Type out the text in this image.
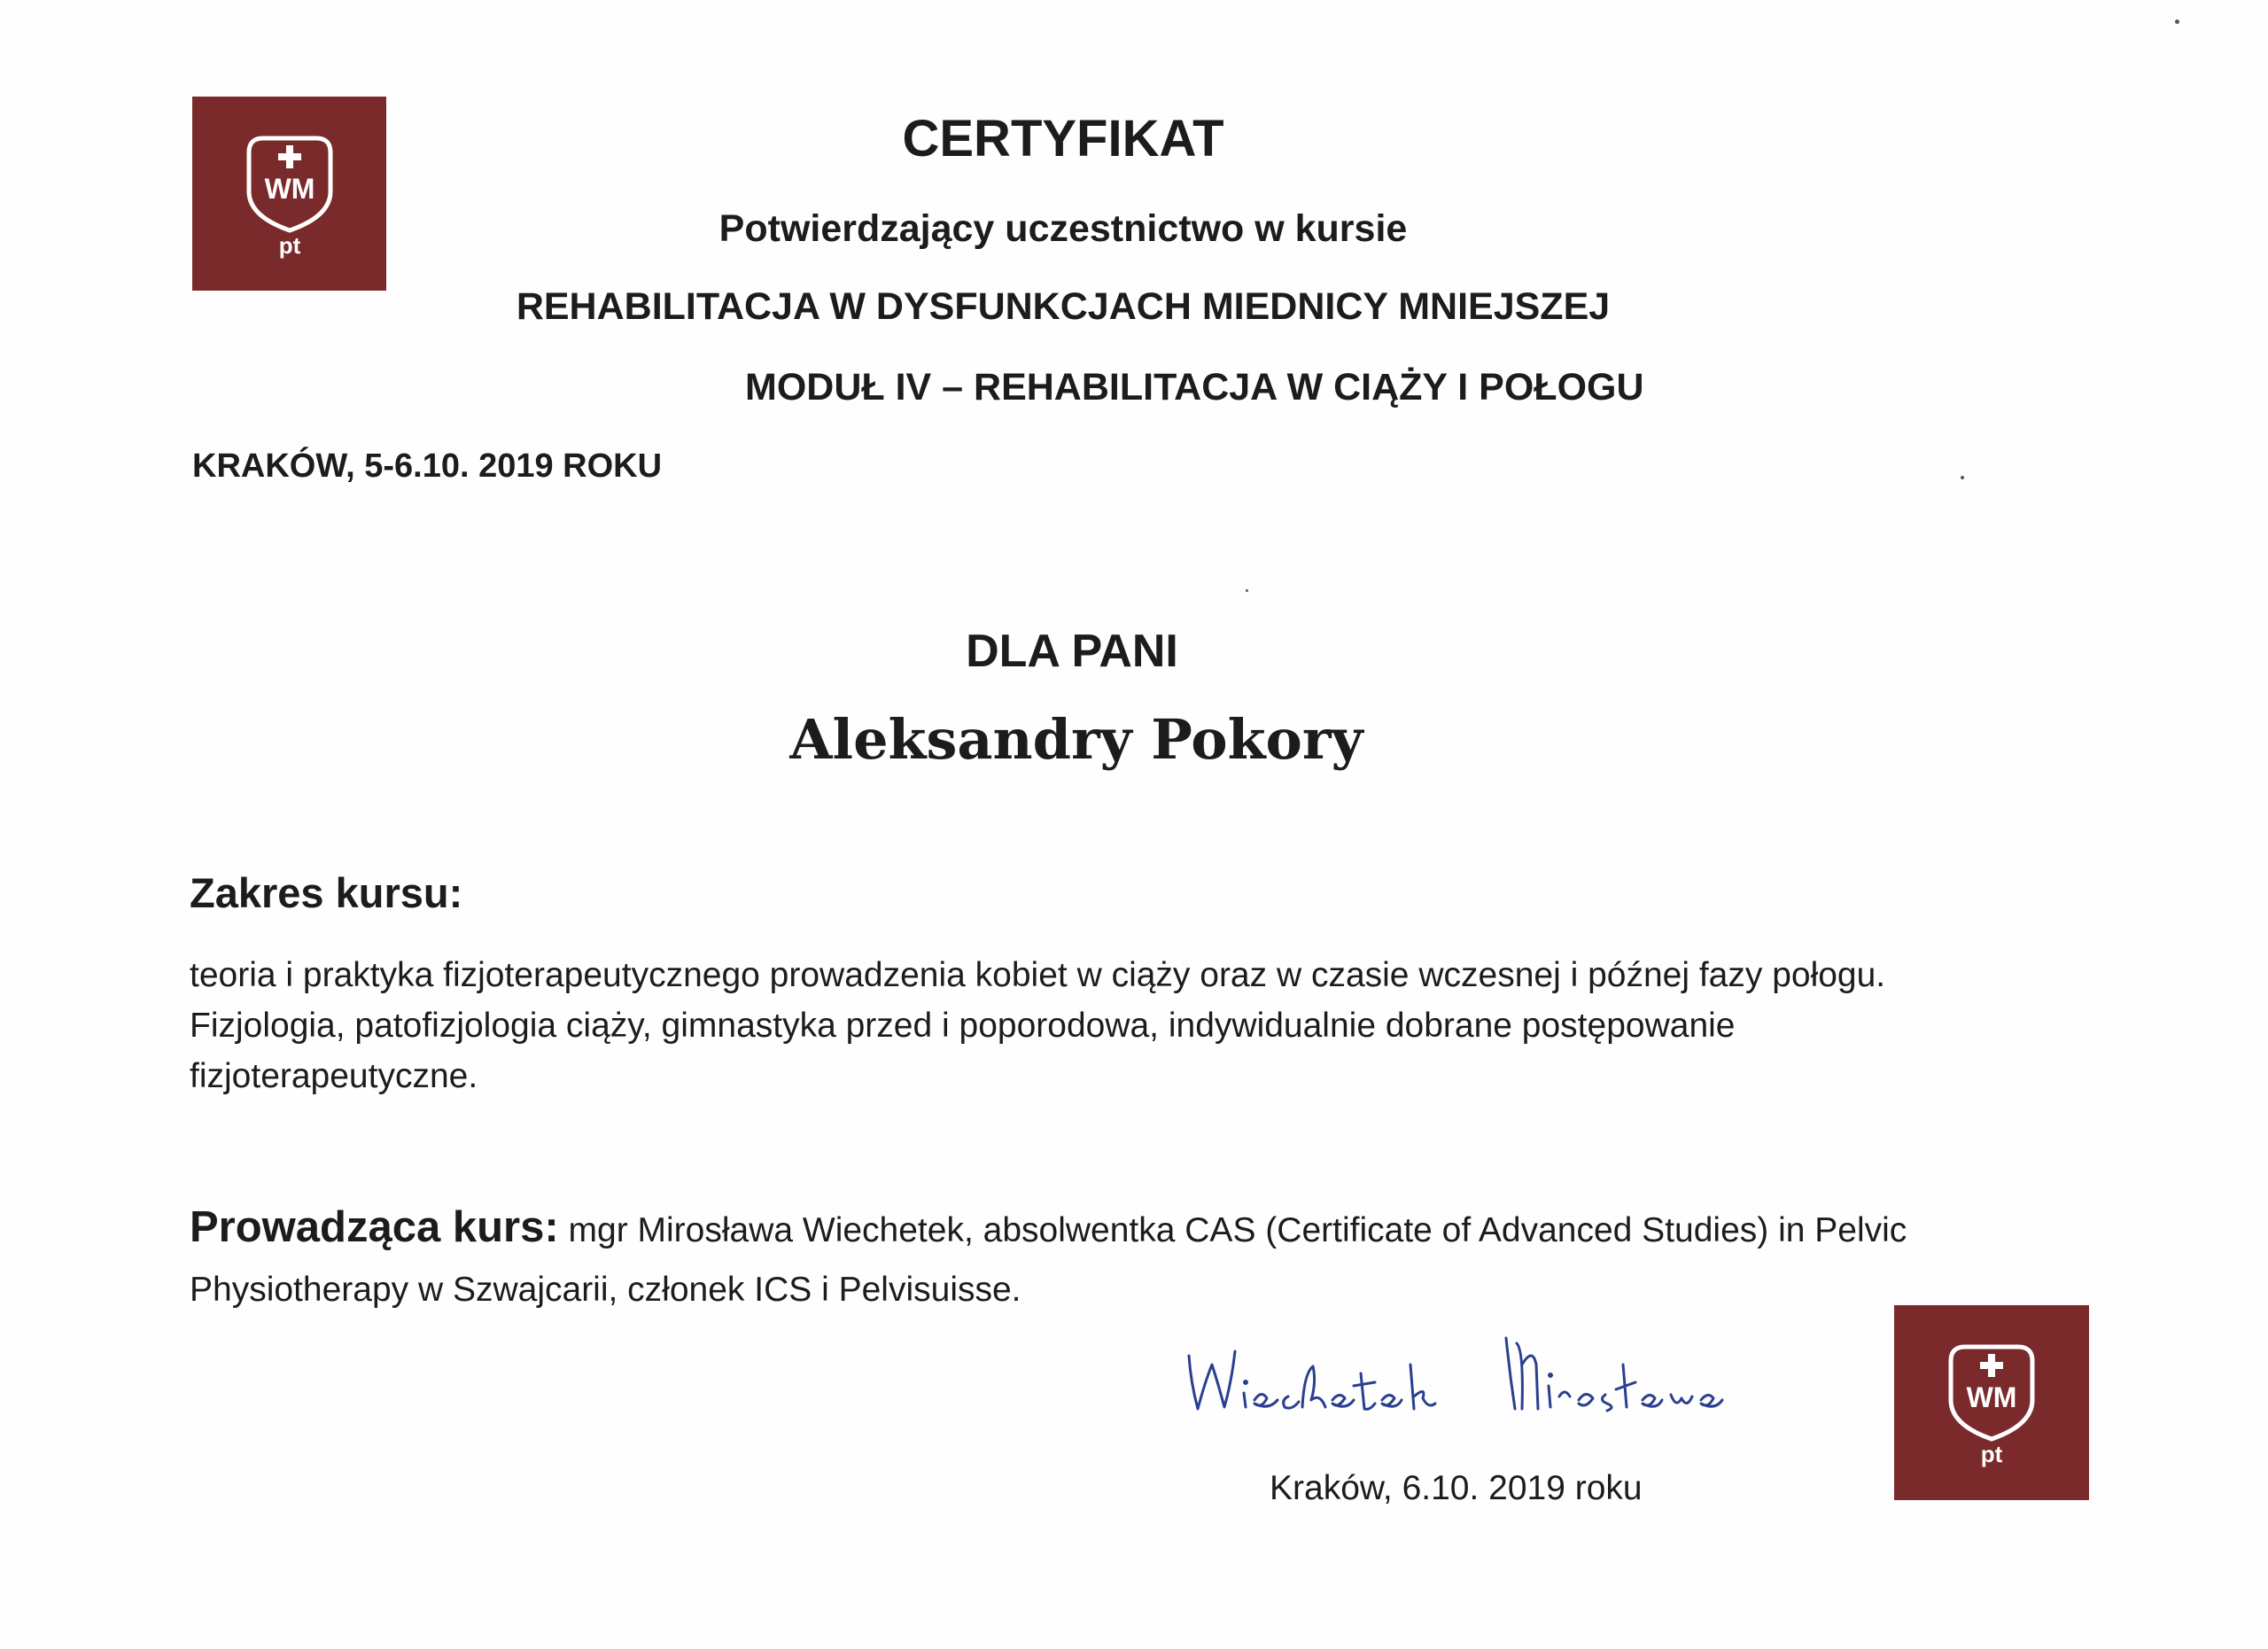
WM
pt
CERTYFIKAT
Potwierdzający uczestnictwo w kursie
REHABILITACJA W DYSFUNKCJACH MIEDNICY MNIEJSZEJ
MODUŁ IV – REHABILITACJA W CIĄŻY I POŁOGU
KRAKÓW, 5-6.10. 2019 ROKU
DLA PANI
Aleksandry Pokory
Zakres kursu:
teoria i praktyka fizjoterapeutycznego prowadzenia kobiet w ciąży oraz w czasie wczesnej i późnej fazy połogu. Fizjologia, patofizjologia ciąży, gimnastyka przed i poporodowa, indywidualnie dobrane postępowanie fizjoterapeutyczne.
Prowadząca kurs: mgr Mirosława Wiechetek, absolwentka CAS (Certificate of Advanced Studies) in Pelvic Physiotherapy w Szwajcarii, członek ICS i Pelvisuisse.
Kraków, 6.10. 2019 roku
WM
pt
